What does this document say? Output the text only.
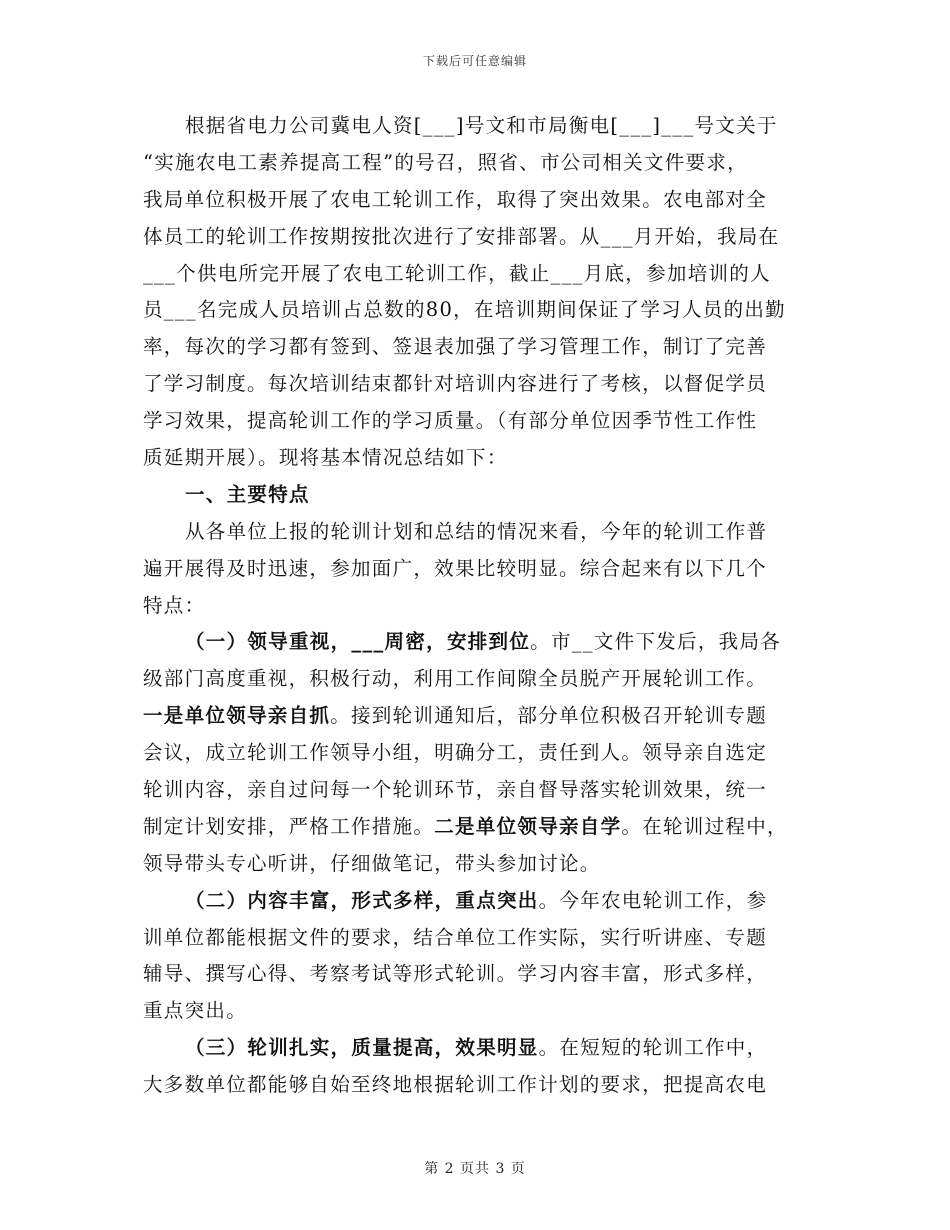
下载后可任意编辑
根据省电力公司冀电人资[___]号文和市局衡电[___]___号文关于
“实施农电工素养提高工程”的号召，照省、市公司相关文件要求，
我局单位积极开展了农电工轮训工作，取得了突出效果。农电部对全
体员工的轮训工作按期按批次进行了安排部署。从___月开始，我局在
___个供电所完开展了农电工轮训工作，截止___月底，参加培训的人
员___名完成人员培训占总数的80，在培训期间保证了学习人员的出勤
率，每次的学习都有签到、签退表加强了学习管理工作，制订了完善
了学习制度。每次培训结束都针对培训内容进行了考核，以督促学员
学习效果，提高轮训工作的学习质量。（有部分单位因季节性工作性
质延期开展）。现将基本情况总结如下：
一、主要特点
从各单位上报的轮训计划和总结的情况来看，今年的轮训工作普
遍开展得及时迅速，参加面广，效果比较明显。综合起来有以下几个
特点：
（一）领导重视，___周密，安排到位。市__文件下发后，我局各
级部门高度重视，积极行动，利用工作间隙全员脱产开展轮训工作。
一是单位领导亲自抓。接到轮训通知后，部分单位积极召开轮训专题
会议，成立轮训工作领导小组，明确分工，责任到人。领导亲自选定
轮训内容，亲自过问每一个轮训环节，亲自督导落实轮训效果，统一
制定计划安排，严格工作措施。二是单位领导亲自学。在轮训过程中，
领导带头专心听讲，仔细做笔记，带头参加讨论。
（二）内容丰富，形式多样，重点突出。今年农电轮训工作，参
训单位都能根据文件的要求，结合单位工作实际，实行听讲座、专题
辅导、撰写心得、考察考试等形式轮训。学习内容丰富，形式多样，
重点突出。
（三）轮训扎实，质量提高，效果明显。在短短的轮训工作中，
大多数单位都能够自始至终地根据轮训工作计划的要求，把提高农电
第 2 页共 3 页
